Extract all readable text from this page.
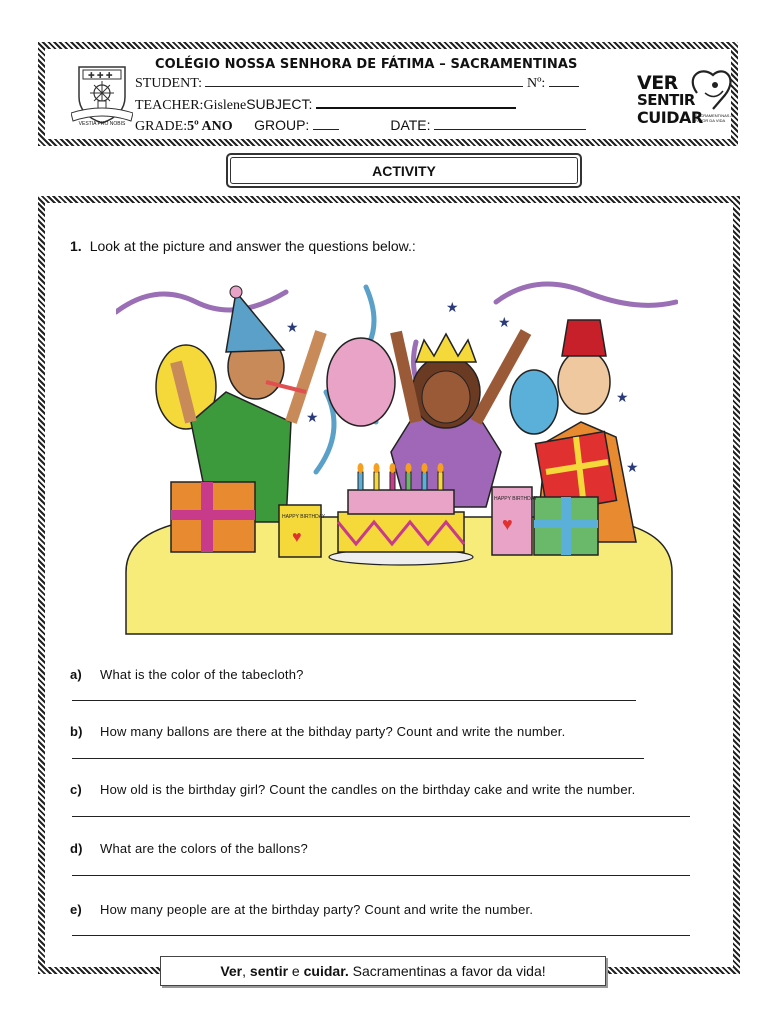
✚ ✚ ✚
VESTIA PRO NOBIS
COLÉGIO NOSSA SENHORA DE FÁTIMA – SACRAMENTINAS
STUDENT:	Nº:
TEACHER:GisleneSUBJECT:
GRADE:5º ANO GROUP:	DATE:
VER
SENTIR
CUIDAR
SACRAMENTINAS A FAVOR DA VIDA
ACTIVITY
1. Look at the picture and answer the questions below.:
★
★
★
★
★
★
HAPPY BIRTHDAY
♥
HAPPY BIRTHDAY
♥
a) What is the color of the tabecloth?
b) How many ballons are there at the bithday party? Count and write the number.
c) How old is the birthday girl? Count the candles on the birthday cake and write the number.
d) What are the colors of the ballons?
e) How many people are at the birthday party? Count and write the number.
Ver, sentir e cuidar. Sacramentinas a favor da vida!
